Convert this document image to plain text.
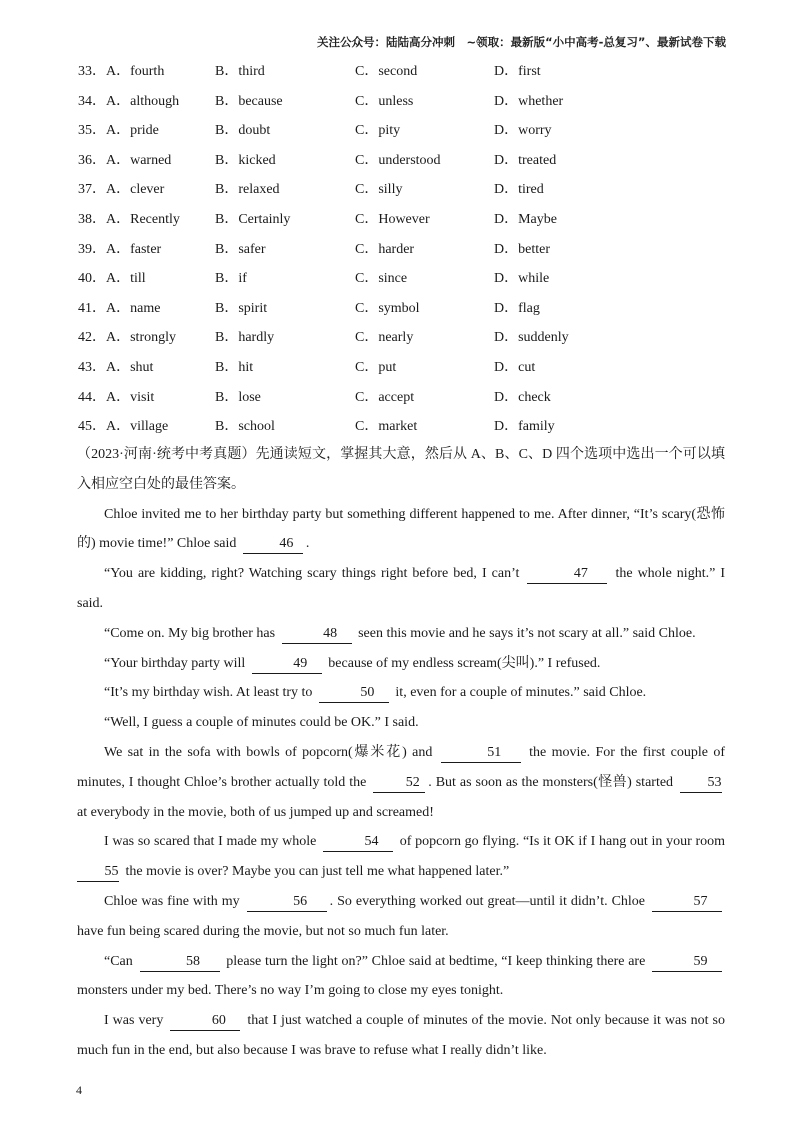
关注公众号：陆陆高分冲刺　~领取：最新版“小中高考-总复习”、最新试卷下载
33． A．fourth	B．third	C．second	D．first
34． A．although	B．because	C．unless	D．whether
35． A．pride	B．doubt	C．pity	D．worry
36． A．warned	B．kicked	C．understood	D．treated
37． A．clever	B．relaxed	C．silly	D．tired
38． A．Recently	B．Certainly	C．However	D．Maybe
39． A．faster	B．safer	C．harder	D．better
40． A．till	B．if	C．since	D．while
41． A．name	B．spirit	C．symbol	D．flag
42． A．strongly	B．hardly	C．nearly	D．suddenly
43． A．shut	B．hit	C．put	D．cut
44． A．visit	B．lose	C．accept	D．check
45． A．village	B．school	C．market	D．family

（2023·河南·统考中考真题）先通读短文，掌握其大意，然后从 A、B、C、D 四个选项中选出一个可以填入相应空白处的最佳答案。

Chloe invited me to her birthday party but something different happened to me. After dinner, “It’s scary(恐怖的) movie time!” Chloe said	46 .

“You are kidding, right? Watching scary things right before bed, I can’t	47 the whole night.” I said.

“Come on. My big brother has	48 seen this movie and he says it’s not scary at all.” said Chloe.

“Your birthday party will	49 because of my endless scream(尖叫).” I refused.

“It’s my birthday wish. At least try to	50 it, even for a couple of minutes.” said Chloe.

“Well, I guess a couple of minutes could be OK.” I said.

We sat in the sofa with bowls of popcorn(爆米花) and	51 the movie. For the first couple of minutes, I thought Chloe’s brother actually told the	52 . But as soon as the monsters(怪兽) started 53 at everybody in the movie, both of us jumped up and screamed!

I was so scared that I made my whole	54 of popcorn go flying. “Is it OK if I hang out in your room 55 the movie is over? Maybe you can just tell me what happened later.”

Chloe was fine with my	56 . So everything worked out great—until it didn’t. Chloe	57 have fun being scared during the movie, but not so much fun later.

“Can	58 please turn the light on?” Chloe said at bedtime, “I keep thinking there are	59 monsters under my bed. There’s no way I’m going to close my eyes tonight.

I was very	60 that I just watched a couple of minutes of the movie. Not only because it was not so much fun in the end, but also because I was brave to refuse what I really didn’t like.

4
